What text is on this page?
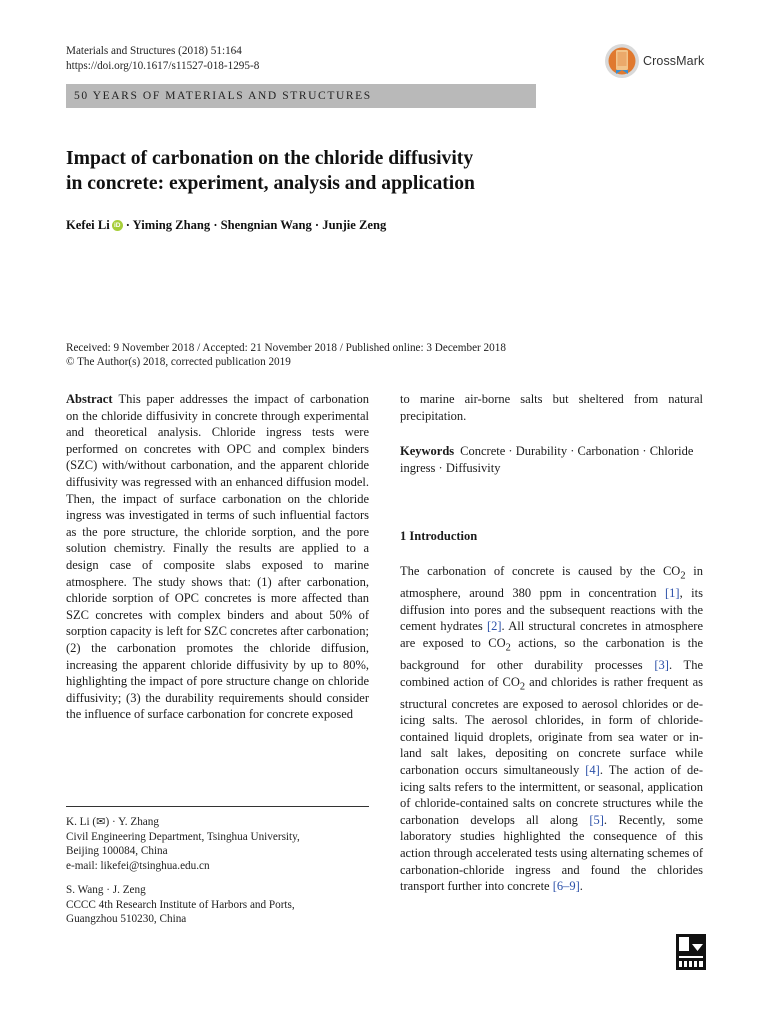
Materials and Structures (2018) 51:164
https://doi.org/10.1617/s11527-018-1295-8	CrossMark
50 YEARS OF MATERIALS AND STRUCTURES
Impact of carbonation on the chloride diffusivity
in concrete: experiment, analysis and application
Kefei Li iD · Yiming Zhang · Shengnian Wang · Junjie Zeng
Received: 9 November 2018 / Accepted: 21 November 2018 / Published online: 3 December 2018
© The Author(s) 2018, corrected publication 2019

Abstract This paper addresses the impact of carbonation on the chloride diffusivity in concrete through experimental and theoretical analysis. Chloride ingress tests were performed on concretes with OPC and complex binders (SZC) with/without carbonation, and the apparent chloride diffusivity was regressed with an enhanced diffusion model. Then, the impact of surface carbonation on the chloride ingress was investigated in terms of such influential factors as the pore structure, the chloride sorption, and the pore solution chemistry. Finally the results are applied to a design case of composite slabs exposed to marine atmosphere. The study shows that: (1) after carbonation, chloride sorption of OPC concretes is more affected than SZC concretes with complex binders and about 50% of sorption capacity is left for SZC concretes after carbonation; (2) the carbonation promotes the chloride diffusion, increasing the apparent chloride diffusivity by up to 80%, highlighting the impact of pore structure change on chloride diffusivity; (3) the durability requirements should consider the influence of surface carbonation for concrete exposed

K. Li (✉) · Y. Zhang
Civil Engineering Department, Tsinghua University,
Beijing 100084, China
e-mail: likefei@tsinghua.edu.cn
S. Wang · J. Zeng
CCCC 4th Research Institute of Harbors and Ports,
Guangzhou 510230, China

to marine air-borne salts but sheltered from natural precipitation.

Keywords Concrete · Durability · Carbonation · Chloride ingress · Diffusivity

1 Introduction

The carbonation of concrete is caused by the $CO_2$ in atmosphere, around 380 ppm in concentration [1], its diffusion into pores and the subsequent reactions with the cement hydrates [2]. All structural concretes in atmosphere are exposed to $CO_2$ actions, so the carbonation is the background for other durability processes [3]. The combined action of $CO_2$ and chlorides is rather frequent as structural concretes are exposed to aerosol chlorides or de-icing salts. The aerosol chlorides, in form of chloride-contained liquid droplets, originate from sea water or in-land salt lakes, depositing on concrete surface while carbonation occurs simultaneously [4]. The action of de-icing salts refers to the intermittent, or seasonal, application of chloride-contained salts on concrete structures while the carbonation develops all along [5]. Recently, some laboratory studies highlighted the consequence of this action through accelerated tests using alternating schemes of carbonation-chloride ingress and found the chlorides transport further into concrete [6–9].
